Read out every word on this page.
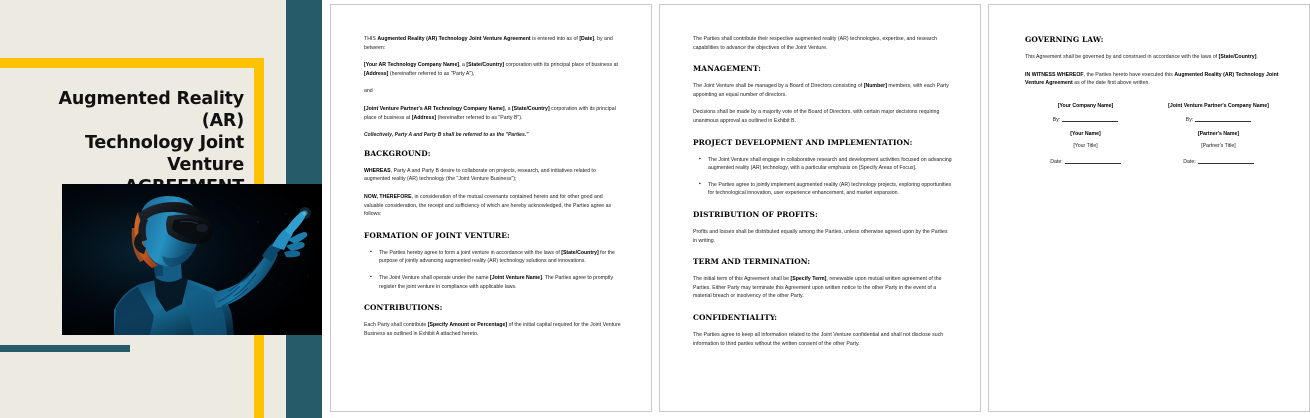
Augmented Reality (AR)
Technology Joint Venture

THIS Augmented Reality (AR) Technology Joint Venture Agreement is entered into as of [Date], by and between:

[Your AR Technology Company Name], a [State/Country] corporation with its principal place of business at [Address] (hereinafter referred to as "Party A"),

and

[Joint Venture Partner's AR Technology Company Name], a [State/Country] corporation with its principal place of business at [Address] (hereinafter referred to as "Party B").

Collectively, Party A and Party B shall be referred to as the "Parties."

BACKGROUND:

WHEREAS, Party A and Party B desire to collaborate on projects, research, and initiatives related to augmented reality (AR) technology (the "Joint Venture Business");

NOW, THEREFORE, in consideration of the mutual covenants contained herein and for other good and valuable consideration, the receipt and sufficiency of which are hereby acknowledged, the Parties agree as follows:

FORMATION OF JOINT VENTURE:
▪ The Parties hereby agree to form a joint venture in accordance with the laws of [State/Country] for the purpose of jointly advancing augmented reality (AR) technology solutions and innovations.
▪ The Joint Venture shall operate under the name [Joint Venture Name]. The Parties agree to promptly register the joint venture in compliance with applicable laws.
CONTRIBUTIONS:

Each Party shall contribute [Specify Amount or Percentage] of the initial capital required for the Joint Venture Business as outlined in Exhibit A attached hereto.

The Parties shall contribute their respective augmented reality (AR) technologies, expertise, and research capabilities to advance the objectives of the Joint Venture.

MANAGEMENT:

The Joint Venture shall be managed by a Board of Directors consisting of [Number] members, with each Party appointing an equal number of directors.

Decisions shall be made by a majority vote of the Board of Directors, with certain major decisions requiring unanimous approval as outlined in Exhibit B.

PROJECT DEVELOPMENT AND IMPLEMENTATION:
▪ The Joint Venture shall engage in collaborative research and development activities focused on advancing augmented reality (AR) technology, with a particular emphasis on [Specify Areas of Focus].
▪ The Parties agree to jointly implement augmented reality (AR) technology projects, exploring opportunities for technological innovation, user experience enhancement, and market expansion.
DISTRIBUTION OF PROFITS:

Profits and losses shall be distributed equally among the Parties, unless otherwise agreed upon by the Parties in writing.

TERM AND TERMINATION:

The initial term of this Agreement shall be [Specify Term], renewable upon mutual written agreement of the Parties. Either Party may terminate this Agreement upon written notice to the other Party in the event of a material breach or insolvency of the other Party.

CONFIDENTIALITY:

The Parties agree to keep all information related to the Joint Venture confidential and shall not disclose such information to third parties without the written consent of the other Party.

GOVERNING LAW:

This Agreement shall be governed by and construed in accordance with the laws of [State/Country].

IN WITNESS WHEREOF, the Parties hereto have executed this Augmented Reality (AR) Technology Joint Venture Agreement as of the date first above written.

[Your Company Name]
By:
[Your Name]
[Your Title]
Date:
[Joint Venture Partner's Company Name]
By:
[Partner's Name]
[Partner's Title]
Date:
